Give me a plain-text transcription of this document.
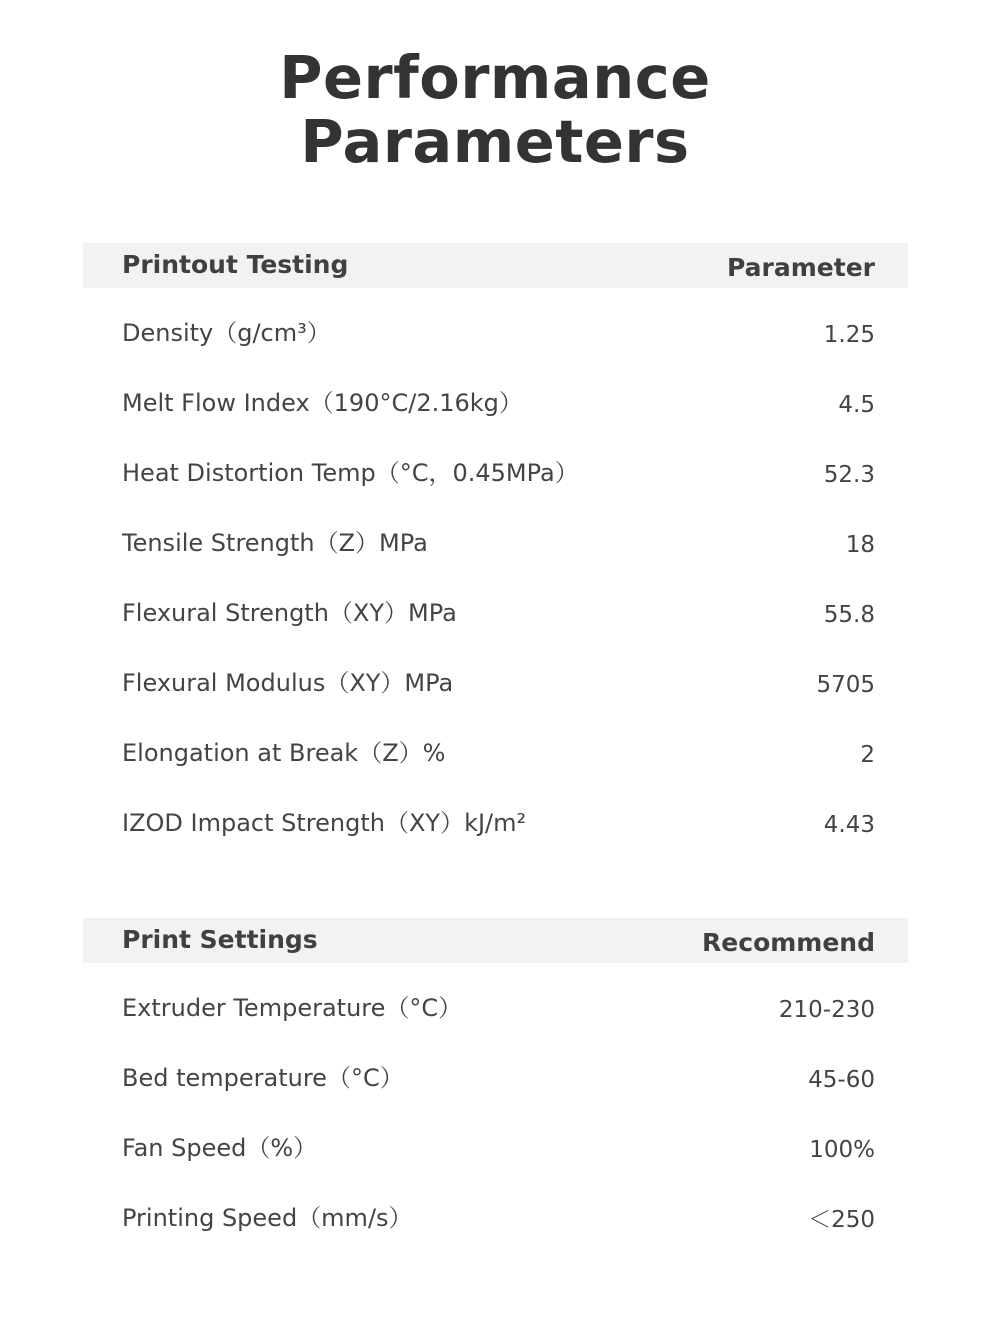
Performance
Parameters
Printout Testing	Parameter
Density（g/cm³）	1.25
Melt Flow Index（190°C/2.16kg）	4.5
Heat Distortion Temp（°C，0.45MPa）	52.3
Tensile Strength（Z）MPa	18
Flexural Strength（XY）MPa	55.8
Flexural Modulus（XY）MPa	5705
Elongation at Break（Z）%	2
IZOD Impact Strength（XY）kJ/m²	4.43
Print Settings	Recommend
Extruder Temperature（°C）	210-230
Bed temperature（°C）	45-60
Fan Speed（%）	100%
Printing Speed（mm/s）	＜250
